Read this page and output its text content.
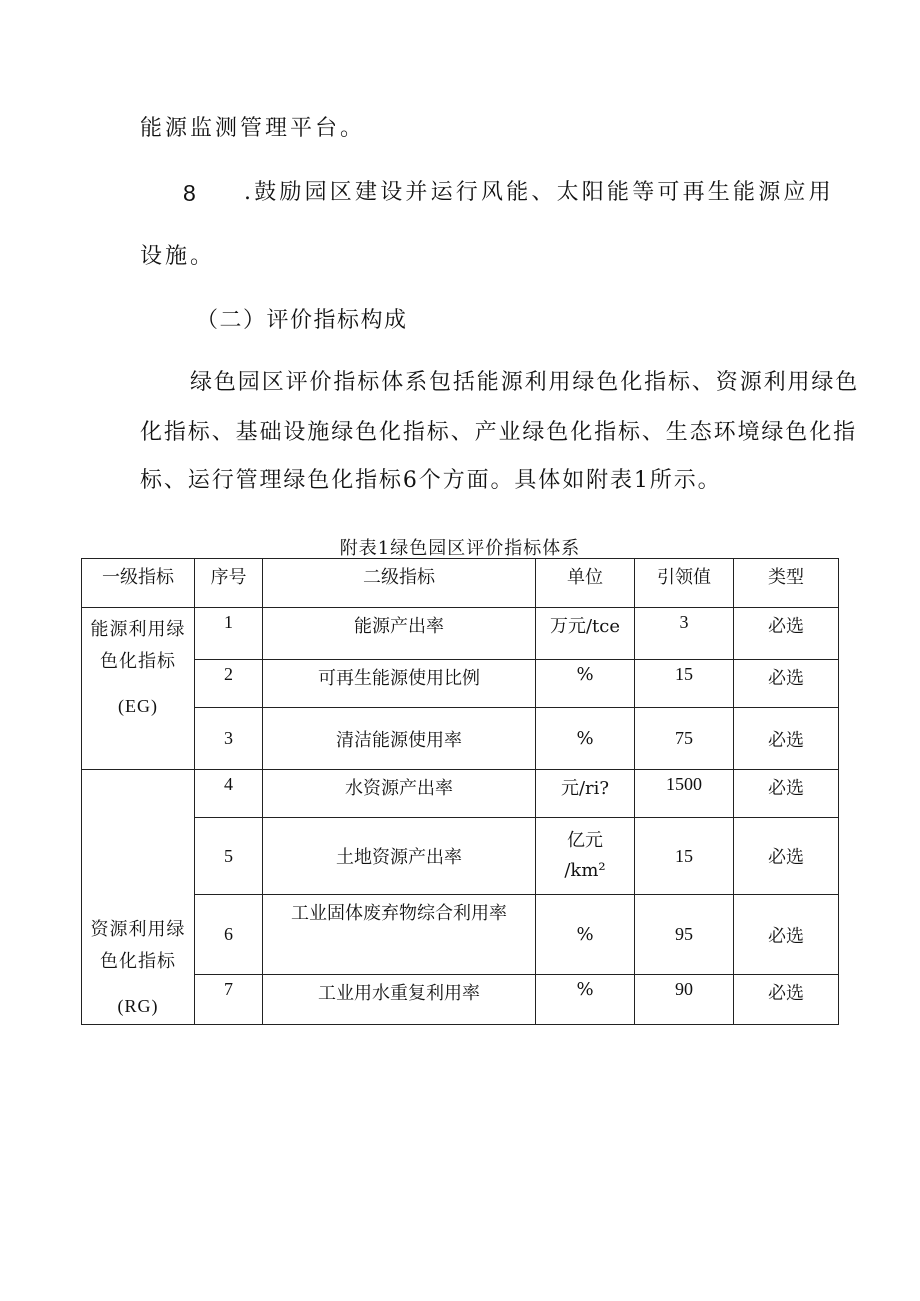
能源监测管理平台。
8 .鼓励园区建设并运行风能、太阳能等可再生能源应用
设施。
（二）评价指标构成
绿色园区评价指标体系包括能源利用绿色化指标、资源利用绿色
化指标、基础设施绿色化指标、产业绿色化指标、生态环境绿色化指
标、运行管理绿色化指标6个方面。具体如附表1所示。
附表1绿色园区评价指标体系
一级指标	序号	二级指标	单位	引领值	类型

能源利用绿
色化指标
(EG)	1	能源产出率	万元/tce	3	必选

	2	可再生能源使用比例	%	15	必选

	3	清洁能源使用率	%	75	必选

资源利用绿
色化指标
(RG)	4	水资源产出率	元/ri?	1500	必选

	5	土地资源产出率	亿元
/km²	15	必选
	6	工业固体废弃物综合利用率	%	95	必选

	7	工业用水重复利用率	%	90	必选
